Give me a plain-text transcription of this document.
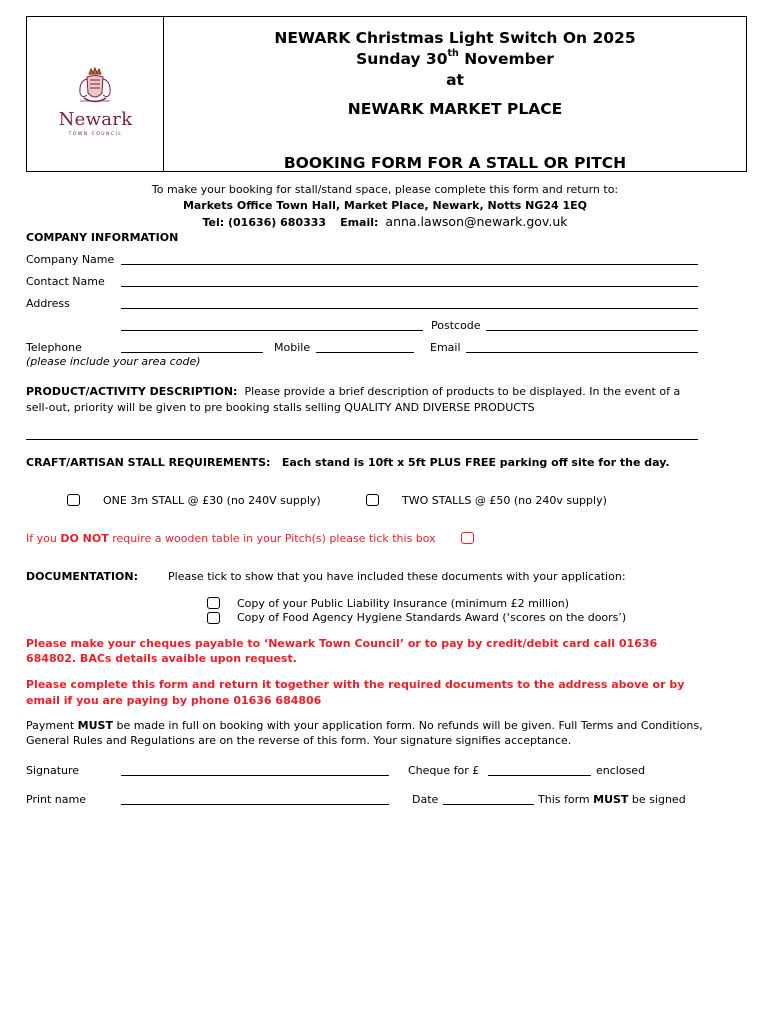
Newark
TOWN COUNCIL
NEWARK Christmas Light Switch On 2025
Sunday 30th November
at
NEWARK MARKET PLACE
BOOKING FORM FOR A STALL OR PITCH
To make your booking for stall/stand space, please complete this form and return to:
Markets Office Town Hall, Market Place, Newark, Notts NG24 1EQ
Tel: (01636) 680333 Email: anna.lawson@newark.gov.uk
COMPANY INFORMATION
Company Name
Contact Name
Address
Postcode
Telephone	Mobile	Email
(please include your area code)
PRODUCT/ACTIVITY DESCRIPTION: Please provide a brief description of products to be displayed. In the event of a
sell-out, priority will be given to pre booking stalls selling QUALITY AND DIVERSE PRODUCTS
CRAFT/ARTISAN STALL REQUIREMENTS: Each stand is 10ft x 5ft PLUS FREE parking off site for the day.
ONE 3m STALL @ £30 (no 240V supply)	TWO STALLS @ £50 (no 240v supply)
If you DO NOT require a wooden table in your Pitch(s) please tick this box
DOCUMENTATION:	Please tick to show that you have included these documents with your application:
Copy of your Public Liability Insurance (minimum £2 million)
Copy of Food Agency Hygiene Standards Award (‘scores on the doors’)
Please make your cheques payable to ‘Newark Town Council’ or to pay by credit/debit card call 01636
684802. BACs details avaible upon request.
Please complete this form and return it together with the required documents to the address above or by
email if you are paying by phone 01636 684806
Payment MUST be made in full on booking with your application form. No refunds will be given. Full Terms and Conditions,
General Rules and Regulations are on the reverse of this form. Your signature signifies acceptance.
Signature	Cheque for £	enclosed
Print name	Date	This form MUST be signed
